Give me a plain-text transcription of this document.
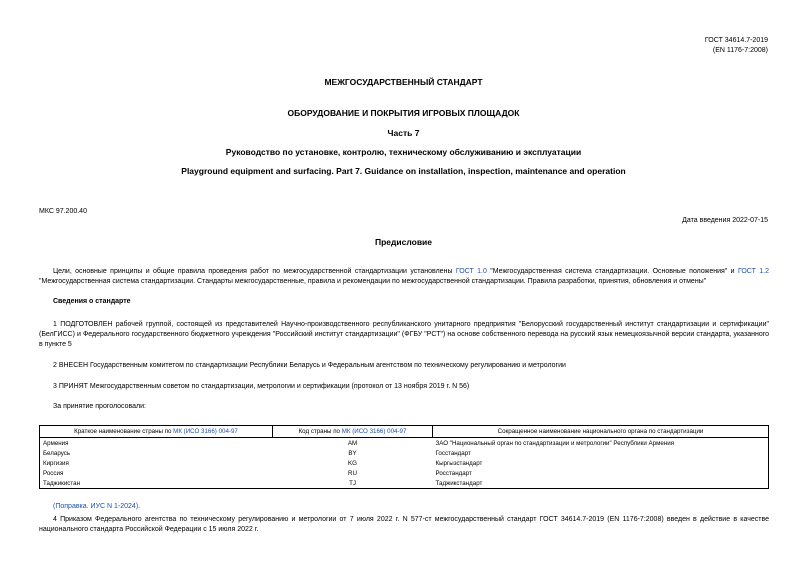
ГОСТ 34614.7-2019
(EN 1176-7:2008)
МЕЖГОСУДАРСТВЕННЫЙ СТАНДАРТ
ОБОРУДОВАНИЕ И ПОКРЫТИЯ ИГРОВЫХ ПЛОЩАДОК
Часть 7
Руководство по установке, контролю, техническому обслуживанию и эксплуатации
Playground equipment and surfacing. Part 7. Guidance on installation, inspection, maintenance and operation
МКС 97.200.40
Дата введения 2022-07-15
Предисловие

Цели, основные принципы и общие правила проведения работ по межгосударственной стандартизации установлены ГОСТ 1.0 "Межгосударственная система стандартизации. Основные положения" и ГОСТ 1.2 "Межгосударственная система стандартизации. Стандарты межгосударственные, правила и рекомендации по межгосударственной стандартизации. Правила разработки, принятия, обновления и отмены"

Сведения о стандарте

1 ПОДГОТОВЛЕН рабочей группой, состоящей из представителей Научно-производственного республиканского унитарного предприятия "Белорусский государственный институт стандартизации и сертификации" (БелГИСС) и Федерального государственного бюджетного учреждения "Российский институт стандартизации" (ФГБУ "РСТ") на основе собственного перевода на русский язык немецкоязычной версии стандарта, указанного в пункте 5

2 ВНЕСЕН Государственным комитетом по стандартизации Республики Беларусь и Федеральным агентством по техническому регулированию и метрологии
3 ПРИНЯТ Межгосударственным советом по стандартизации, метрологии и сертификации (протокол от 13 ноября 2019 г. N 56)
За принятие проголосовали:
Краткое наименование страны по МК (ИСО 3166) 004-97	Код страны по МК (ИСО 3166) 004-97	Сокращенное наименование национального органа по стандартизации
Армения	AM	ЗАО "Национальный орган по стандартизации и метрологии" Республики Армения
Беларусь	BY	Госстандарт
Киргизия	KG	Кыргызстандарт
Россия	RU	Росстандарт
Таджикистан	TJ	Таджикстандарт
(Поправка. ИУС N 1-2024).

4 Приказом Федерального агентства по техническому регулированию и метрологии от 7 июля 2022 г. N 577-ст межгосударственный стандарт ГОСТ 34614.7-2019 (EN 1176-7:2008) введен в действие в качестве национального стандарта Российской Федерации с 15 июля 2022 г.
